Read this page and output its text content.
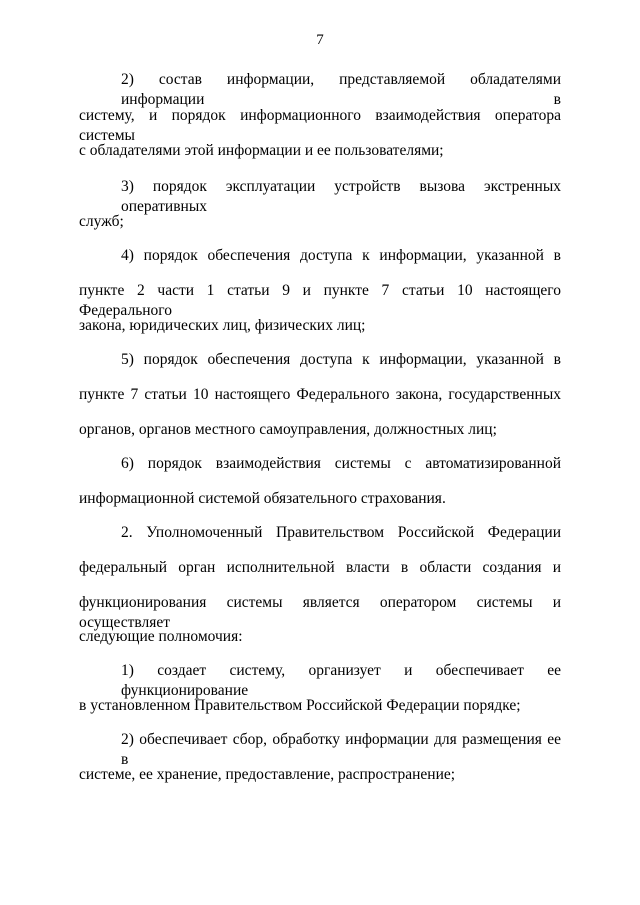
7
2) состав информации, представляемой обладателями информации в
систему, и порядок информационного взаимодействия оператора системы
с обладателями этой информации и ее пользователями;
3) порядок эксплуатации устройств вызова экстренных оперативных
служб;
4) порядок обеспечения доступа к информации, указанной в
пункте 2 части 1 статьи 9 и пункте 7 статьи 10 настоящего Федерального
закона, юридических лиц, физических лиц;
5) порядок обеспечения доступа к информации, указанной в
пункте 7 статьи 10 настоящего Федерального закона, государственных
органов, органов местного самоуправления, должностных лиц;
6) порядок взаимодействия системы с автоматизированной
информационной системой обязательного страхования.
2. Уполномоченный Правительством Российской Федерации
федеральный орган исполнительной власти в области создания и
функционирования системы является оператором системы и осуществляет
следующие полномочия:
1) создает систему, организует и обеспечивает ее функционирование
в установленном Правительством Российской Федерации порядке;
2) обеспечивает сбор, обработку информации для размещения ее в
системе, ее хранение, предоставление, распространение;
